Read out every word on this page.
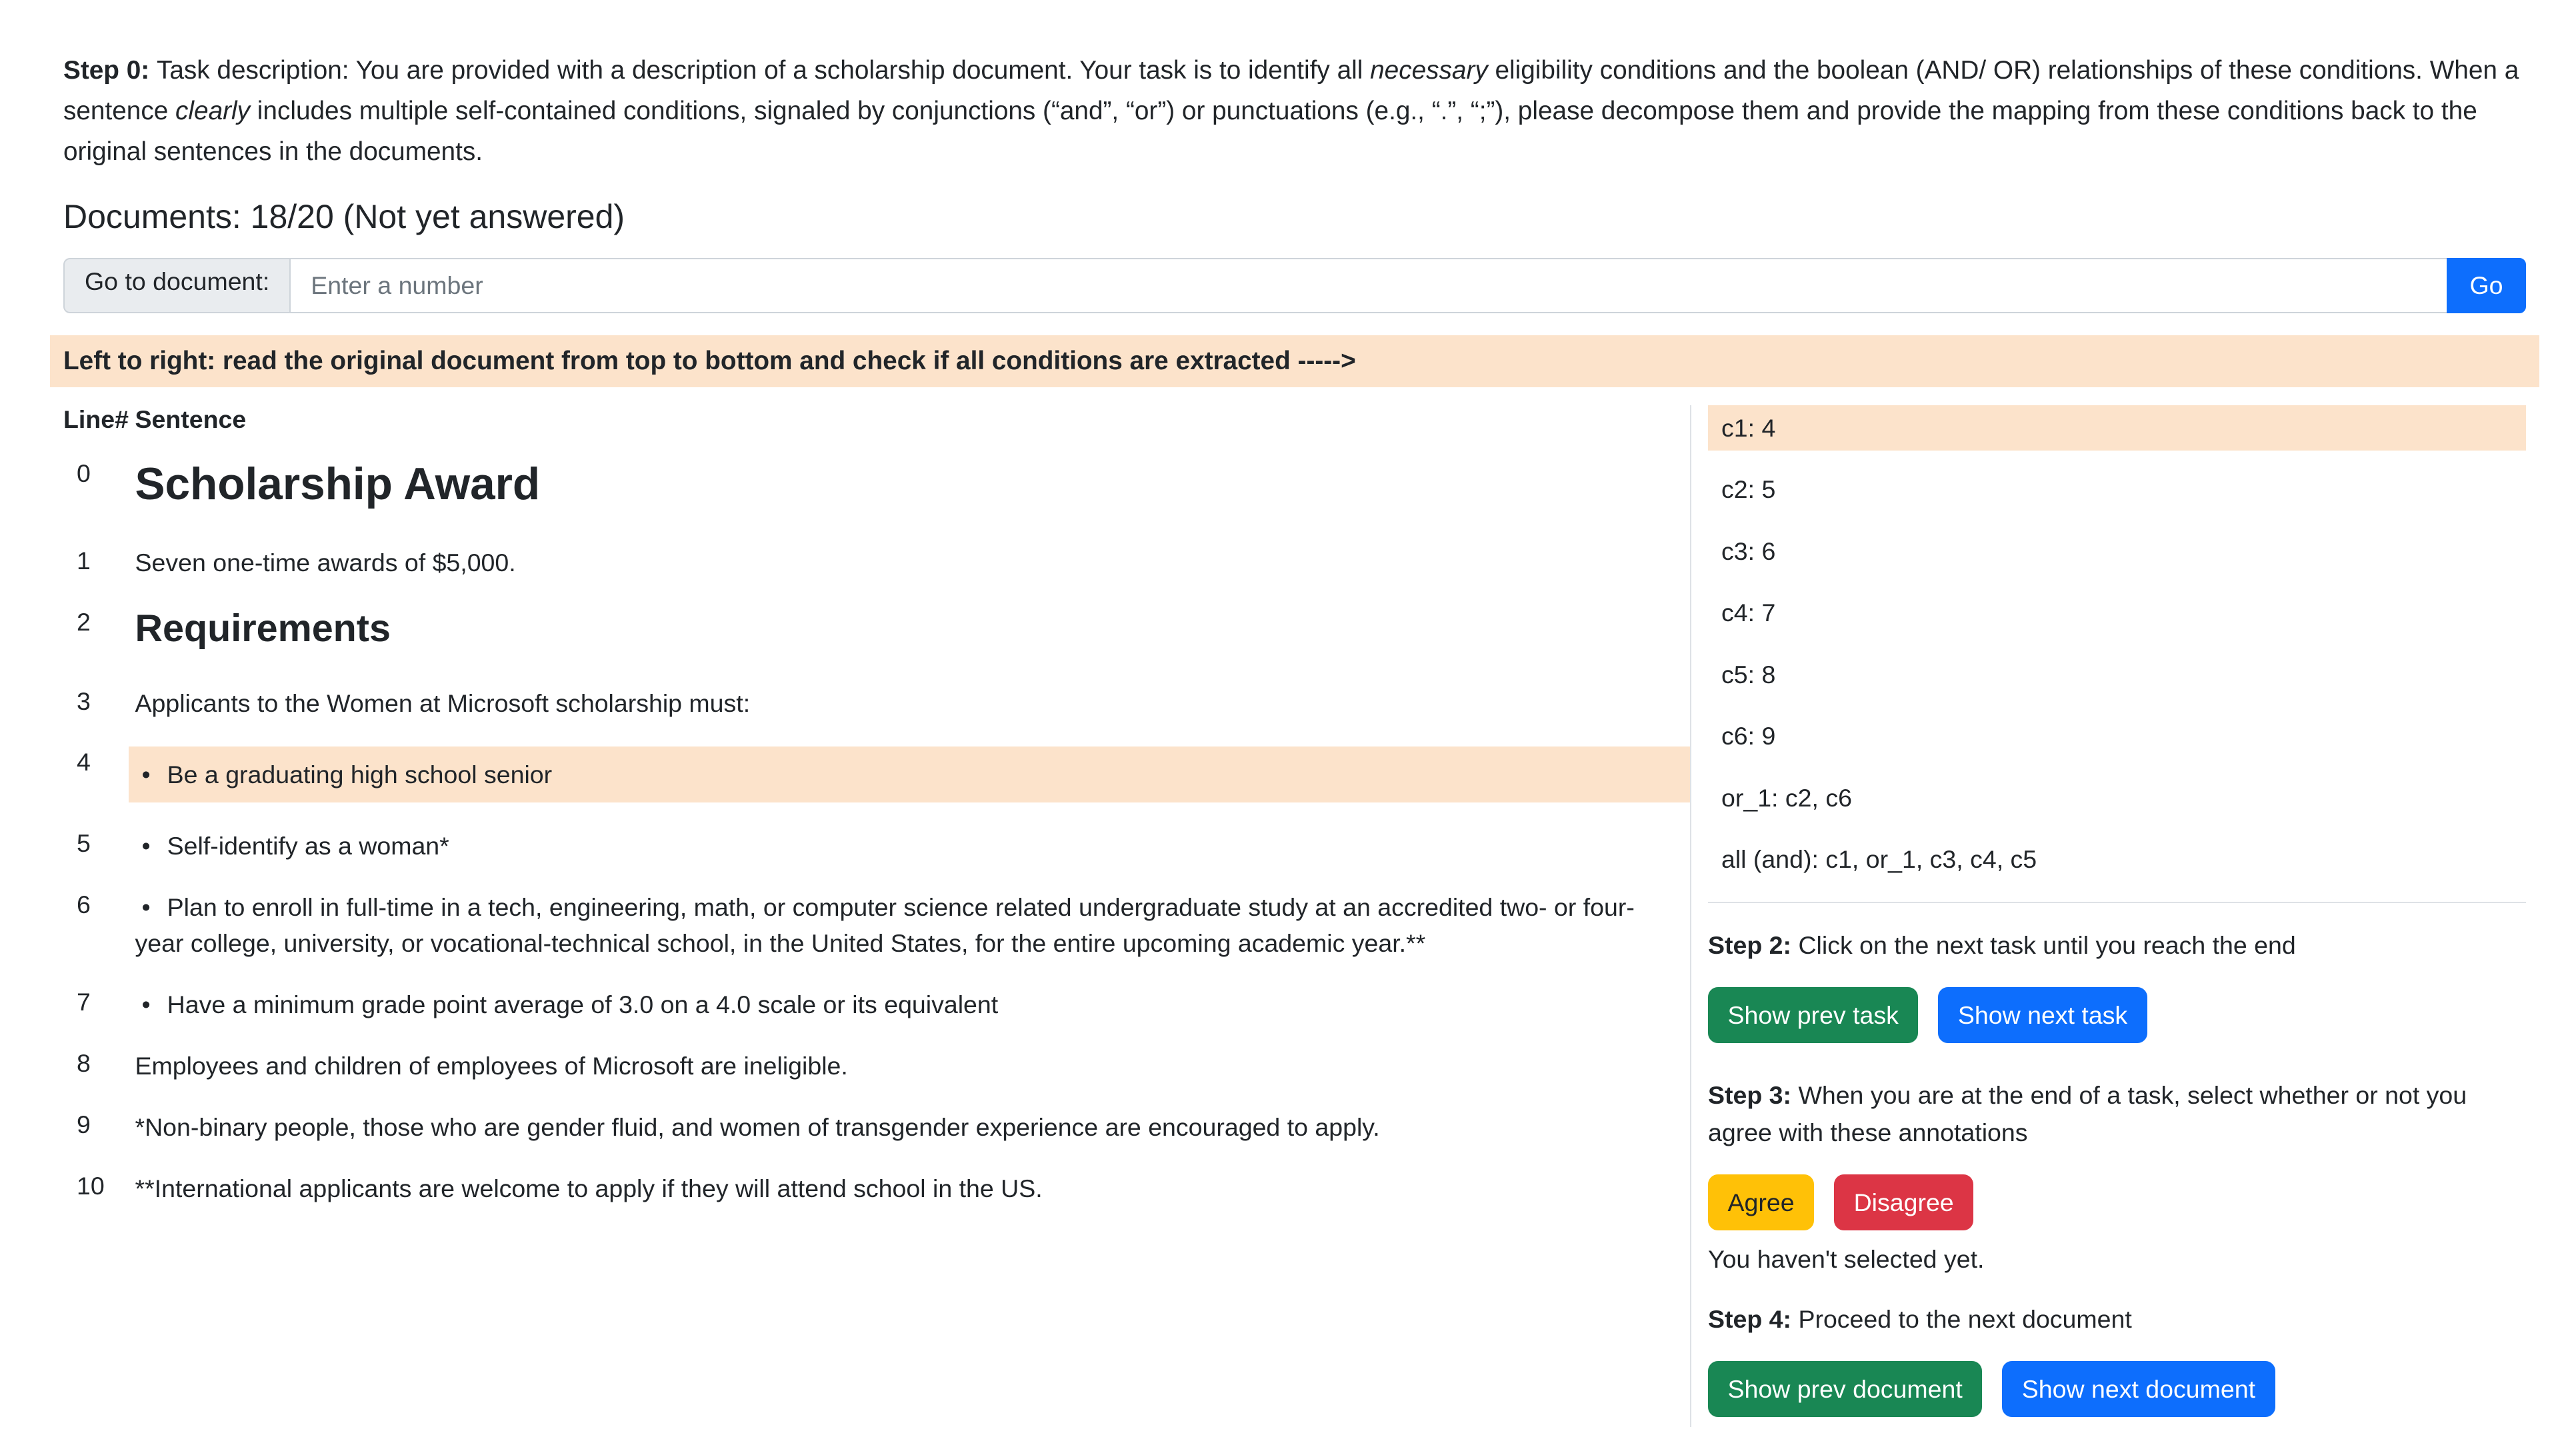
Step 0: Task description: You are provided with a description of a scholarship document. Your task is to identify all necessary eligibility conditions and the boolean (AND/ OR) relationships of these conditions. When a sentence clearly includes multiple self-contained conditions, signaled by conjunctions (“and”, “or”) or punctuations (e.g., “.”, “;”), please decompose them and provide the mapping from these conditions back to the original sentences in the documents.

Documents: 18/20 (Not yet answered)

Go to document:
Enter a number	Go
Left to right: read the original document from top to bottom and check if all conditions are extracted ----->
Line# Sentence
0	Scholarship Award
1	Seven one-time awards of $5,000.
2	Requirements
3	Applicants to the Women at Microsoft scholarship must:
4	• Be a graduating high school senior
5	• Self-identify as a woman*
6	• Plan to enroll in full-time in a tech, engineering, math, or computer science related undergraduate study at an accredited two- or four-year college, university, or vocational-technical school, in the United States, for the entire upcoming academic year.**
7	• Have a minimum grade point average of 3.0 on a 4.0 scale or its equivalent
8	Employees and children of employees of Microsoft are ineligible.
9	*Non-binary people, those who are gender fluid, and women of transgender experience are encouraged to apply.
10	**International applicants are welcome to apply if they will attend school in the US.
c1: 4
c2: 5
c3: 6
c4: 7
c5: 8
c6: 9
or_1: c2, c6
all (and): c1, or_1, c3, c4, c5

Step 2: Click on the next task until you reach the end

Show prev task	Show next task

Step 3: When you are at the end of a task, select whether or not you agree with these annotations

Agree	Disagree

You haven't selected yet.

Step 4: Proceed to the next document

Show prev document	Show next document
